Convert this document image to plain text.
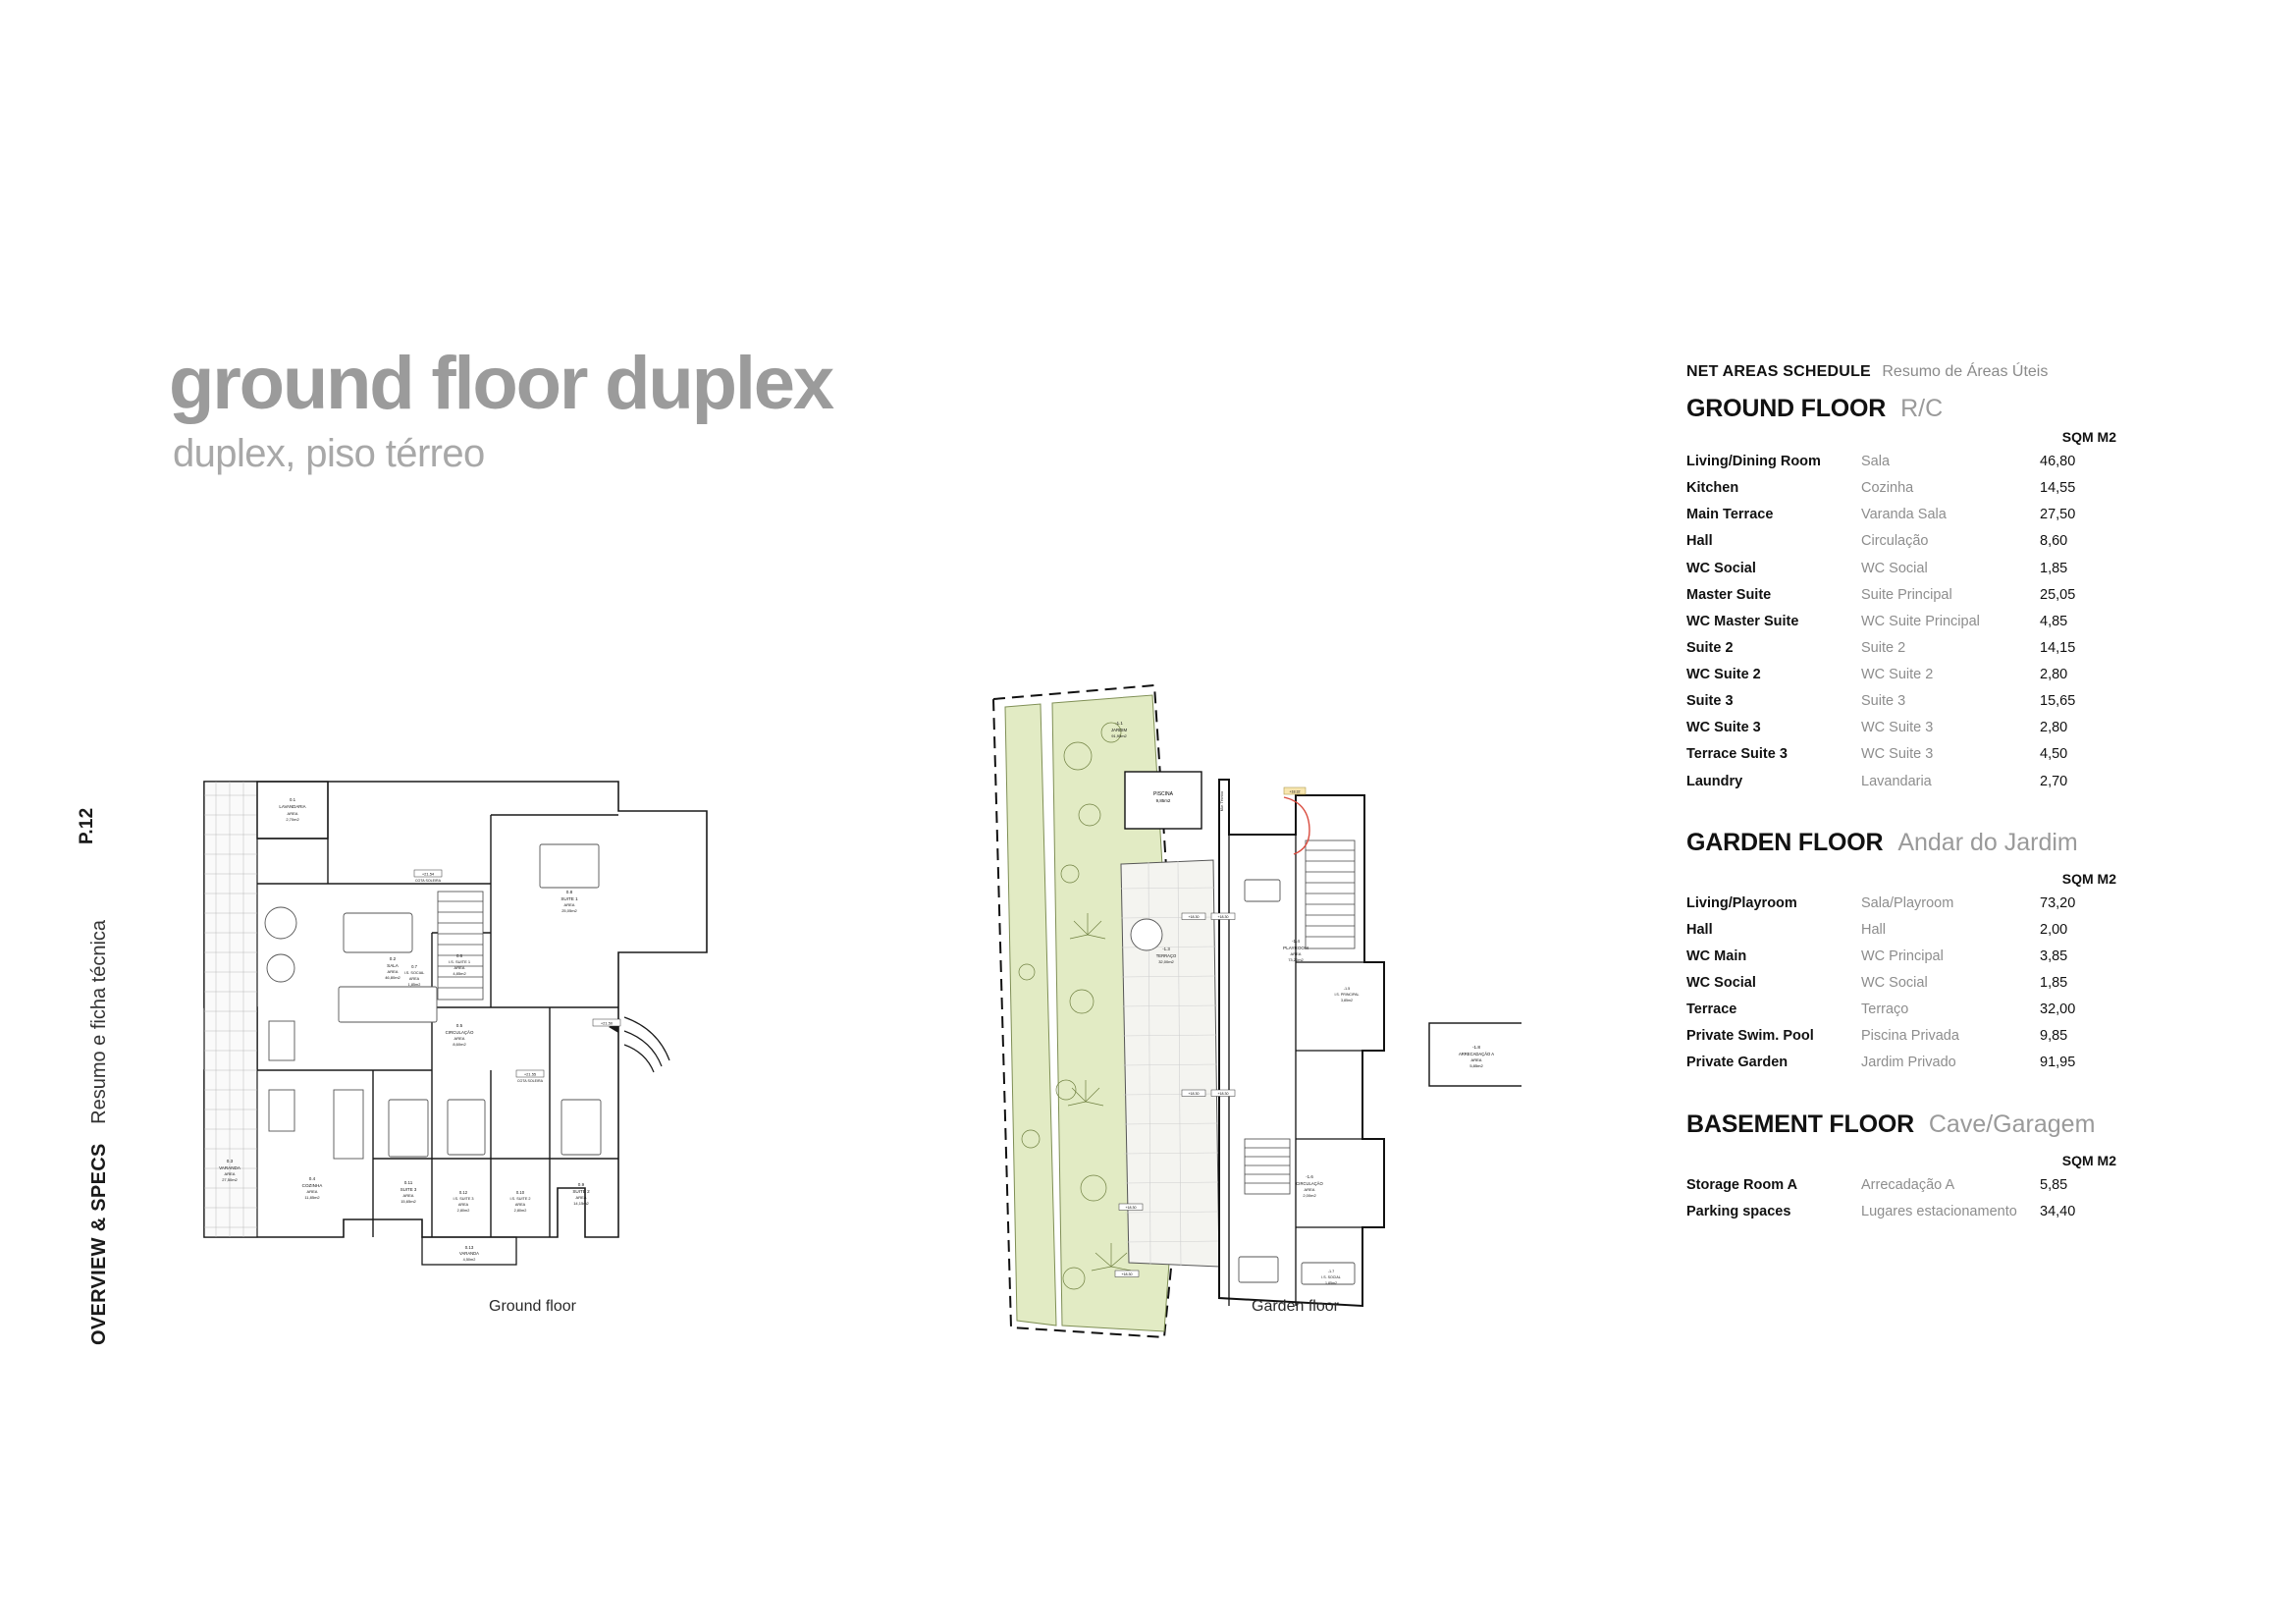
P.12
OVERVIEW & SPECS Resumo e ficha técnica
ground floor duplex
duplex, piso térreo
0.1
LAVANDARIA
AREA
2,70m2
0.2
SALA
AREA
46,80m2
0.3
VARANDA
AREA
27,50m2	0.4
COZINHA
AREA
11,85m2
0.5
CIRCULAÇÃO
AREA
8,60m2
0.6
I.S. SUITE 1
AREA
4,85m2
0.7
I.S. SOCIAL
AREA
1,85m2
0.8
SUITE 1
AREA
25,05m2
0.9
SUITE 2
AREA
14,15m2
0.10
I.S. SUITE 2
AREA
2,80m2
0.11
SUITE 3
AREA
15,65m2
0.12
I.S. SUITE 3
AREA
2,80m2
0.13
VARANDA
4,50m2
+21.54
COTA SOLEIRA
+21.55
COTA SOLEIRA
+21.50
Ground floor
PISCINA
9,85m2
+18.32
-1.8
ARRECADAÇÃO A
AREA
5,85m2
-1.1
JARDIM
91,95m2
-1.3
TERRAÇO
32,00m2
-1.4
PLAYROOM
AREA
73,20m2
-1.5
I.S. PRINCIPAL
3,85m2
-1.6
CIRCULAÇÃO
AREA
2,00m2
-1.7
I.S. SOCIAL
1,85m2
Mur. Técnico
+18.30	+18.30
+18.30	+18.30
+18.30
+18.30
Garden floor
NET AREAS SCHEDULE Resumo de Áreas Úteis
GROUND FLOOR R/C
SQM M2
Living/Dining Room	Sala	46,80
Kitchen	Cozinha	14,55
Main Terrace	Varanda Sala	27,50
Hall	Circulação	8,60
WC Social	WC Social	1,85
Master Suite	Suite Principal	25,05
WC Master Suite	WC Suite Principal	4,85
Suite 2	Suite 2	14,15
WC Suite 2	WC Suite 2	2,80
Suite 3	Suite 3	15,65
WC Suite 3	WC Suite 3	2,80
Terrace Suite 3	WC Suite 3	4,50
Laundry	Lavandaria	2,70
GARDEN FLOOR Andar do Jardim
SQM M2
Living/Playroom	Sala/Playroom	73,20
Hall	Hall	2,00
WC Main	WC Principal	3,85
WC Social	WC Social	1,85
Terrace	Terraço	32,00
Private Swim. Pool	Piscina Privada	9,85
Private Garden	Jardim Privado	91,95
BASEMENT FLOOR Cave/Garagem
SQM M2
Storage Room A	Arrecadação A	5,85
Parking spaces	Lugares estacionamento	34,40
